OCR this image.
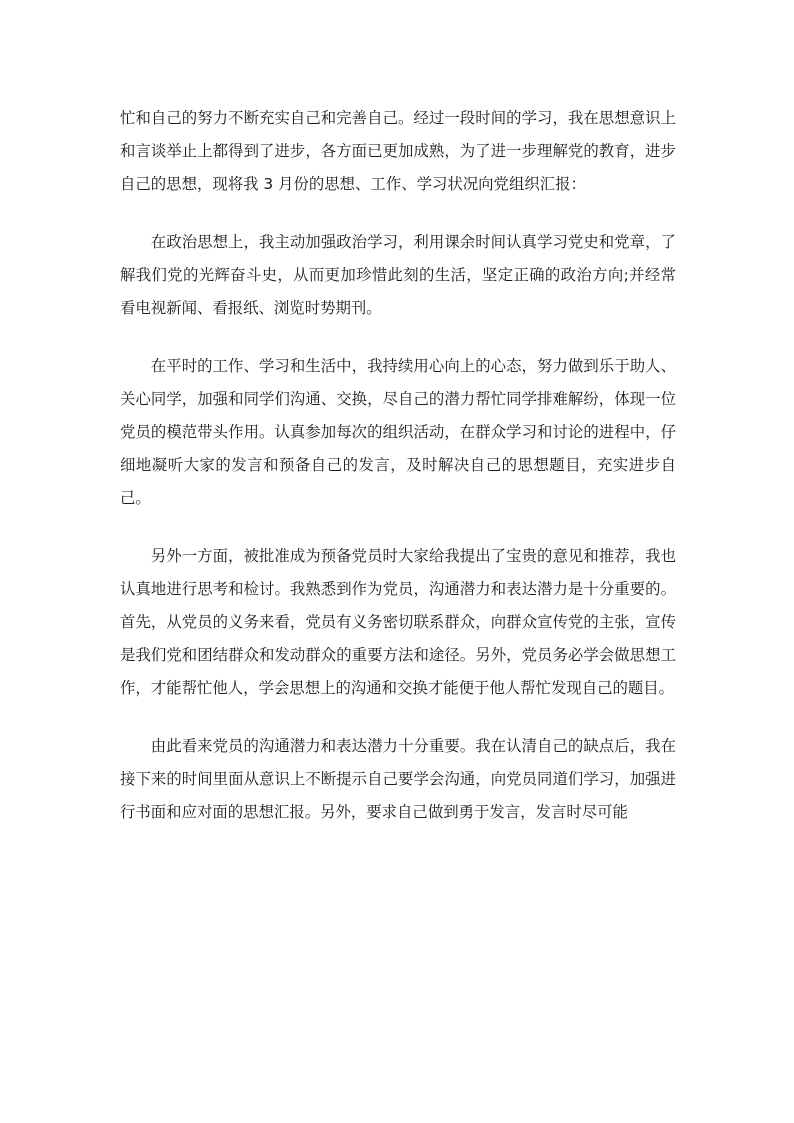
忙和自己的努力不断充实自己和完善自己。经过一段时间的学习，我在思想意识上和言谈举止上都得到了进步，各方面已更加成熟，为了进一步理解党的教育，进步自己的思想，现将我 3 月份的思想、工作、学习状况向党组织汇报：

在政治思想上，我主动加强政治学习，利用课余时间认真学习党史和党章，了解我们党的光辉奋斗史，从而更加珍惜此刻的生活，坚定正确的政治方向;并经常看电视新闻、看报纸、浏览时势期刊。

在平时的工作、学习和生活中，我持续用心向上的心态，努力做到乐于助人、关心同学，加强和同学们沟通、交换，尽自己的潜力帮忙同学排难解纷，体现一位党员的模范带头作用。认真参加每次的组织活动，在群众学习和讨论的进程中，仔细地凝听大家的发言和预备自己的发言，及时解决自己的思想题目，充实进步自己。

另外一方面，被批准成为预备党员时大家给我提出了宝贵的意见和推荐，我也认真地进行思考和检讨。我熟悉到作为党员，沟通潜力和表达潜力是十分重要的。首先，从党员的义务来看，党员有义务密切联系群众，向群众宣传党的主张，宣传是我们党和团结群众和发动群众的重要方法和途径。另外，党员务必学会做思想工作，才能帮忙他人，学会思想上的沟通和交换才能便于他人帮忙发现自己的题目。

由此看来党员的沟通潜力和表达潜力十分重要。我在认清自己的缺点后，我在接下来的时间里面从意识上不断提示自己要学会沟通，向党员同道们学习，加强进行书面和应对面的思想汇报。另外，要求自己做到勇于发言，发言时尽可能
